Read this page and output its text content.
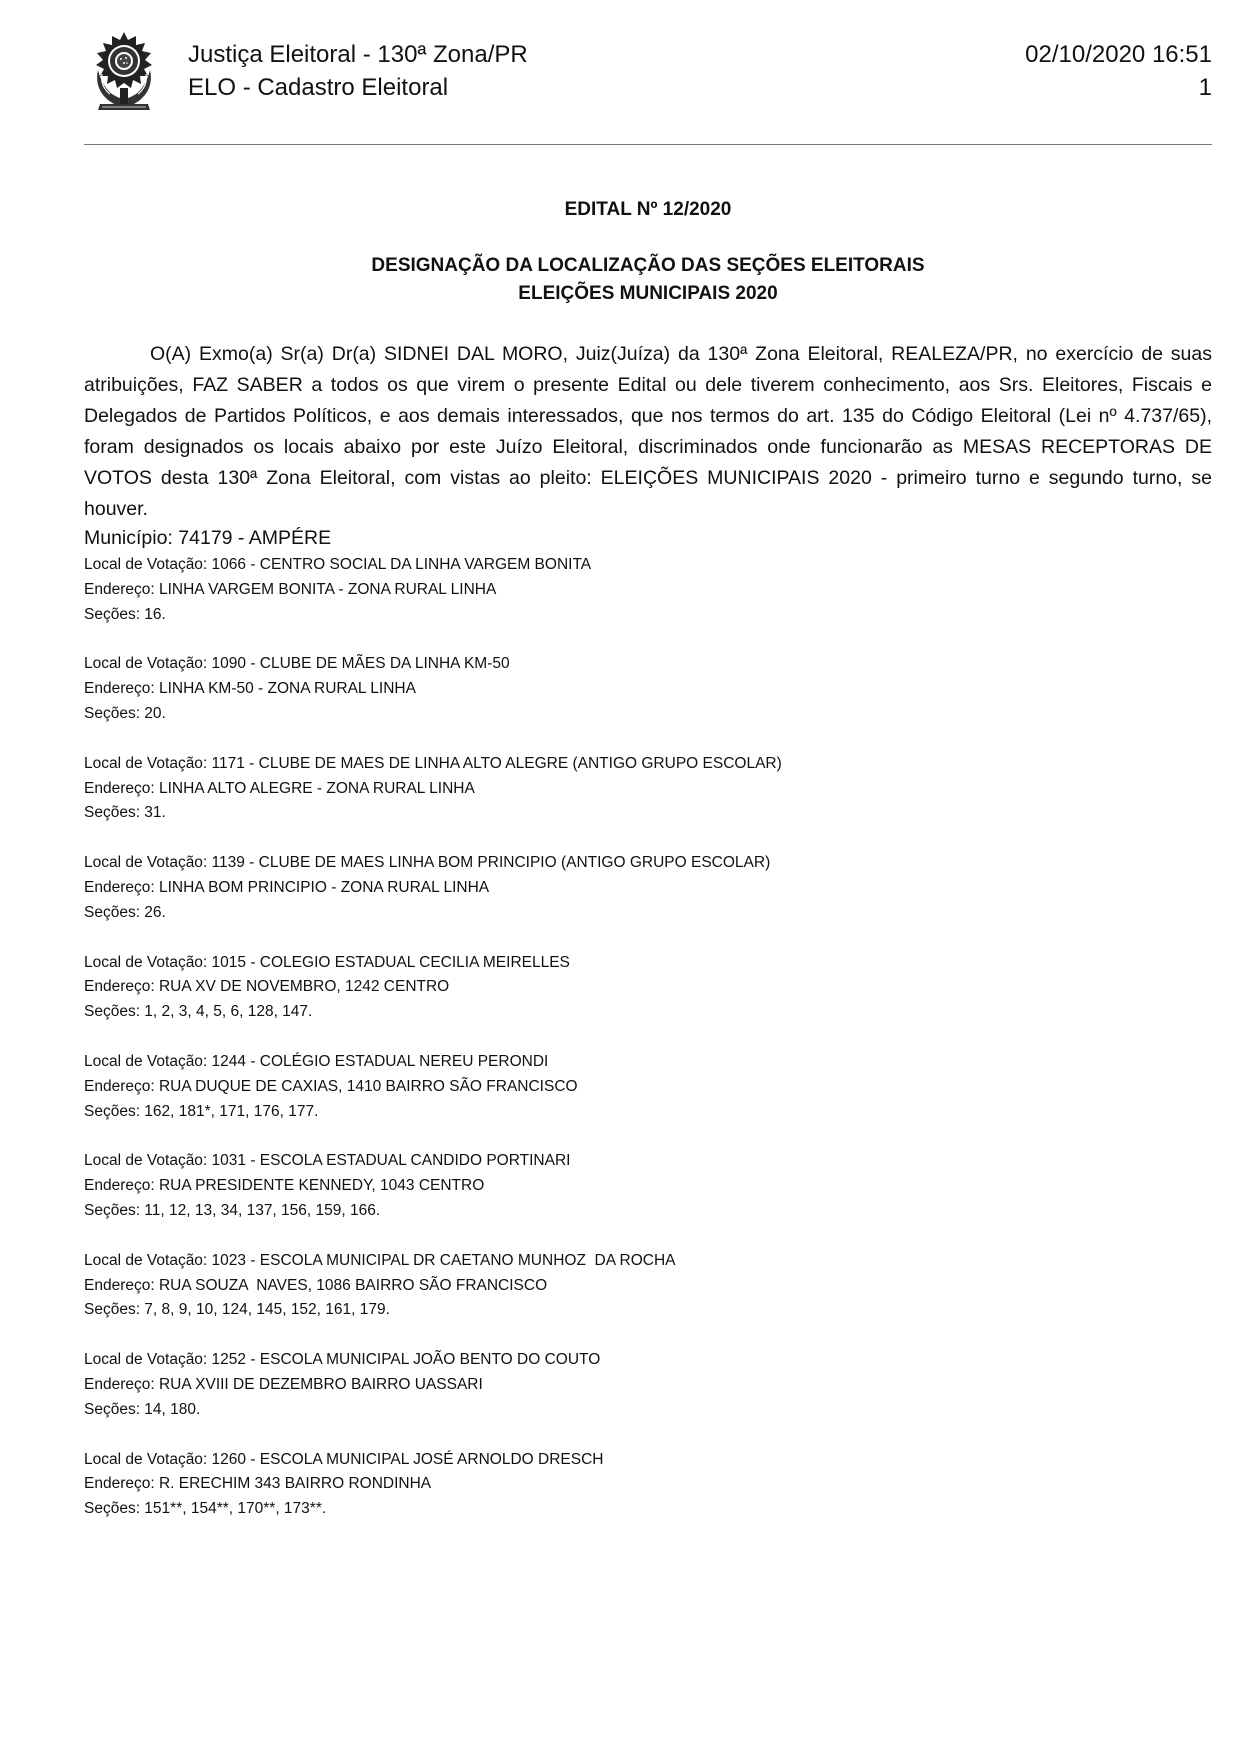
Justiça Eleitoral - 130ª Zona/PR
ELO - Cadastro Eleitoral
02/10/2020 16:51
1
EDITAL Nº 12/2020
DESIGNAÇÃO DA LOCALIZAÇÃO DAS SEÇÕES ELEITORAIS
ELEIÇÕES MUNICIPAIS 2020

O(A) Exmo(a) Sr(a) Dr(a) SIDNEI DAL MORO, Juiz(Juíza) da 130ª Zona Eleitoral, REALEZA/PR, no exercício de suas atribuições, FAZ SABER a todos os que virem o presente Edital ou dele tiverem conhecimento, aos Srs. Eleitores, Fiscais e Delegados de Partidos Políticos, e aos demais interessados, que nos termos do art. 135 do Código Eleitoral (Lei nº 4.737/65), foram designados os locais abaixo por este Juízo Eleitoral, discriminados onde funcionarão as MESAS RECEPTORAS DE VOTOS desta 130ª Zona Eleitoral, com vistas ao pleito: ELEIÇÕES MUNICIPAIS 2020 - primeiro turno e segundo turno, se houver.

Município: 74179 - AMPÉRE
Local de Votação: 1066 - CENTRO SOCIAL DA LINHA VARGEM BONITA
Endereço: LINHA VARGEM BONITA - ZONA RURAL LINHA
Seções: 16.
Local de Votação: 1090 - CLUBE DE MÃES DA LINHA KM-50
Endereço: LINHA KM-50 - ZONA RURAL LINHA
Seções: 20.
Local de Votação: 1171 - CLUBE DE MAES DE LINHA ALTO ALEGRE (ANTIGO GRUPO ESCOLAR)
Endereço: LINHA ALTO ALEGRE - ZONA RURAL LINHA
Seções: 31.
Local de Votação: 1139 - CLUBE DE MAES LINHA BOM PRINCIPIO (ANTIGO GRUPO ESCOLAR)
Endereço: LINHA BOM PRINCIPIO - ZONA RURAL LINHA
Seções: 26.
Local de Votação: 1015 - COLEGIO ESTADUAL CECILIA MEIRELLES
Endereço: RUA XV DE NOVEMBRO, 1242 CENTRO
Seções: 1, 2, 3, 4, 5, 6, 128, 147.
Local de Votação: 1244 - COLÉGIO ESTADUAL NEREU PERONDI
Endereço: RUA DUQUE DE CAXIAS, 1410 BAIRRO SÃO FRANCISCO
Seções: 162, 181*, 171, 176, 177.
Local de Votação: 1031 - ESCOLA ESTADUAL CANDIDO PORTINARI
Endereço: RUA PRESIDENTE KENNEDY, 1043 CENTRO
Seções: 11, 12, 13, 34, 137, 156, 159, 166.
Local de Votação: 1023 - ESCOLA MUNICIPAL DR CAETANO MUNHOZ  DA ROCHA
Endereço: RUA SOUZA  NAVES, 1086 BAIRRO SÃO FRANCISCO
Seções: 7, 8, 9, 10, 124, 145, 152, 161, 179.
Local de Votação: 1252 - ESCOLA MUNICIPAL JOÃO BENTO DO COUTO
Endereço: RUA XVIII DE DEZEMBRO BAIRRO UASSARI
Seções: 14, 180.
Local de Votação: 1260 - ESCOLA MUNICIPAL JOSÉ ARNOLDO DRESCH
Endereço: R. ERECHIM 343 BAIRRO RONDINHA
Seções: 151**, 154**, 170**, 173**.
